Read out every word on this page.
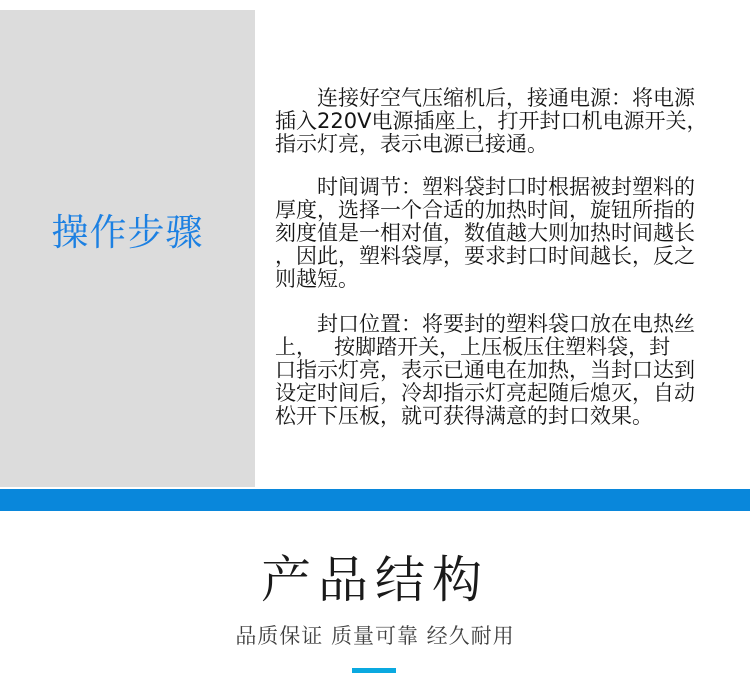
操作步骤
连接好空气压缩机后，接通电源：将电源
插入220V电源插座上，打开封口机电源开关，
指示灯亮，表示电源已接通。
时间调节：塑料袋封口时根据被封塑料的
厚度，选择一个合适的加热时间，旋钮所指的
刻度值是一相对值，数值越大则加热时间越长
，因此，塑料袋厚，要求封口时间越长，反之
则越短。
封口位置：将要封的塑料袋口放在电热丝
上，　 按脚踏开关，上压板压住塑料袋，封
口指示灯亮，表示已通电在加热，当封口达到
设定时间后，冷却指示灯亮起随后熄灭，自动
松开下压板，就可获得满意的封口效果。
产品结构
品质保证 质量可靠 经久耐用
